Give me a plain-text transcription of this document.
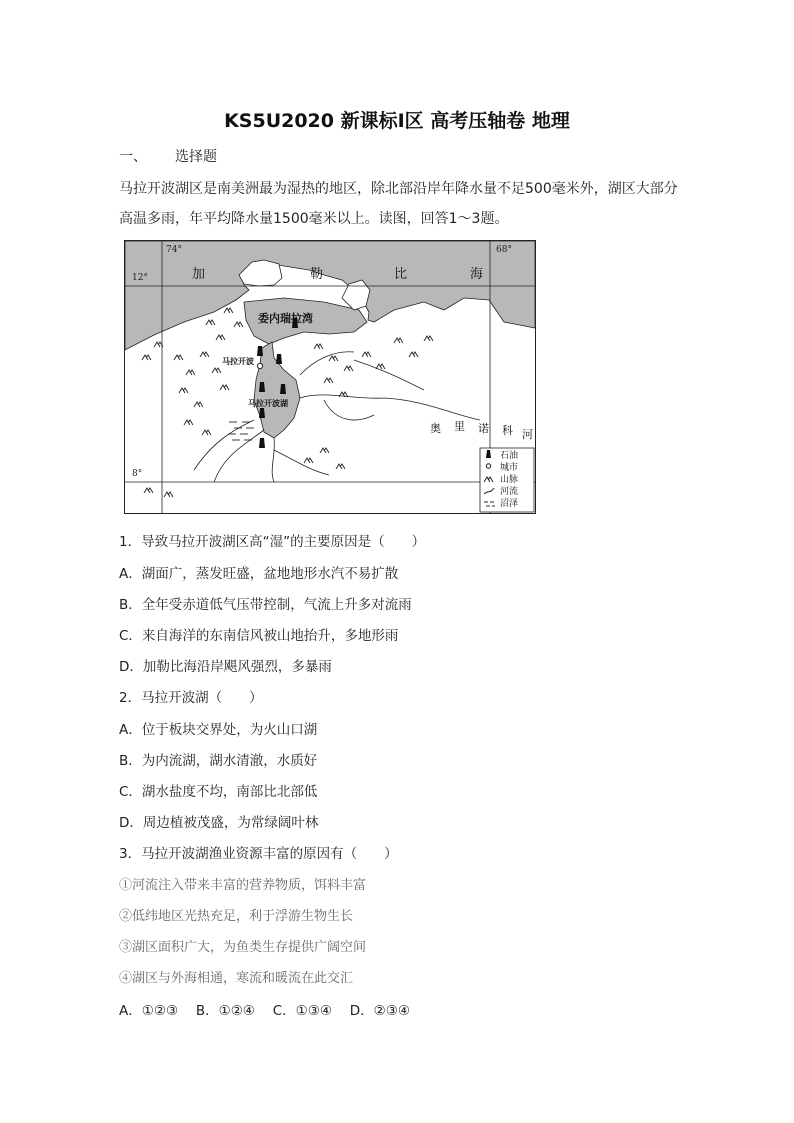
KS5U2020 新课标Ⅰ区 高考压轴卷 地理
一、 选择题
马拉开波湖区是南美洲最为湿热的地区，除北部沿岸年降水量不足500毫米外，湖区大部分
高温多雨，年平均降水量1500毫米以上。读图，回答1～3题。
74°	68°
12°
8°
加	勒	比	海
委内瑞拉湾
马拉开波
马拉开波湖
奥 里 诺 科 河
石油
城市
山脉
河流
沼泽
1．导致马拉开波湖区高“湿”的主要原因是（　　）
A．湖面广，蒸发旺盛，盆地地形水汽不易扩散
B．全年受赤道低气压带控制，气流上升多对流雨
C．来自海洋的东南信风被山地抬升，多地形雨
D．加勒比海沿岸飓风强烈，多暴雨
2．马拉开波湖（　　）
A．位于板块交界处，为火山口湖
B．为内流湖，湖水清澈，水质好
C．湖水盐度不均，南部比北部低
D．周边植被茂盛，为常绿阔叶林
3．马拉开波湖渔业资源丰富的原因有（　　）
①河流注入带来丰富的营养物质，饵料丰富
②低纬地区光热充足，利于浮游生物生长
③湖区面积广大，为鱼类生存提供广阔空间
④湖区与外海相通，寒流和暖流在此交汇
A．①②③　 B．①②④　 C．①③④　 D．②③④
